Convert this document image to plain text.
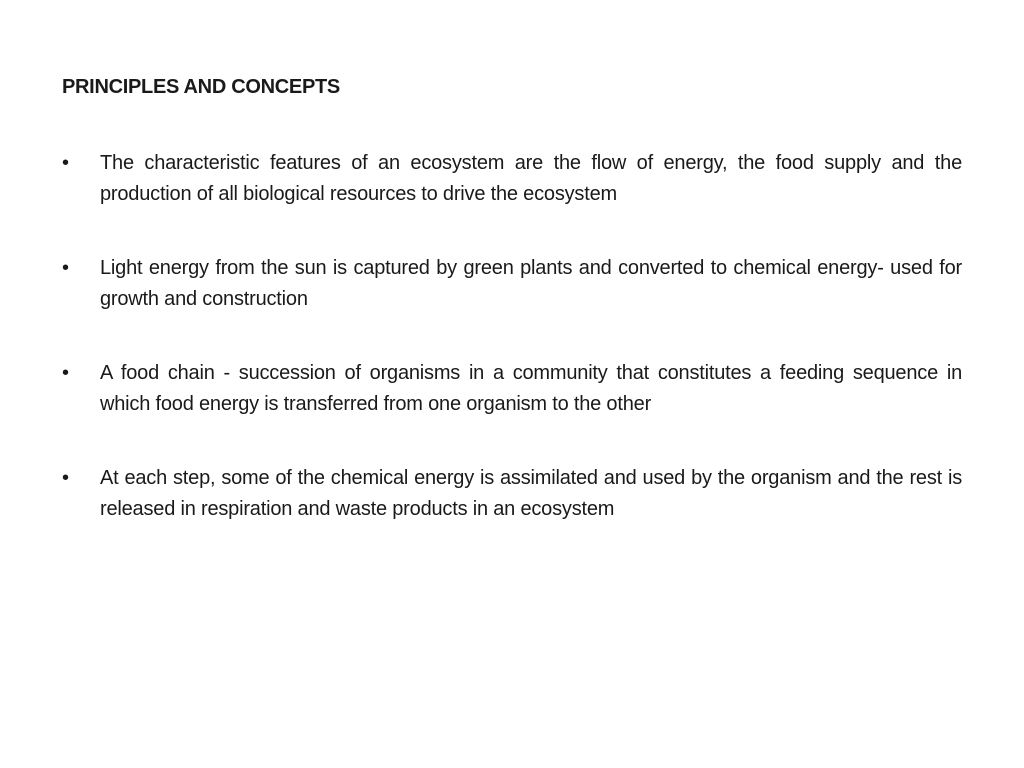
PRINCIPLES AND CONCEPTS
•	The characteristic features of an ecosystem are the flow of energy, the food supply and the production of all biological resources to drive the ecosystem
•	Light energy from the sun is captured by green plants and converted to chemical energy- used for growth and construction
•	A food chain - succession of organisms in a community that constitutes a feeding sequence in which food energy is transferred from one organism to the other
•	At each step, some of the chemical energy is assimilated and used by the organism and the rest is released in respiration and waste products in an ecosystem
